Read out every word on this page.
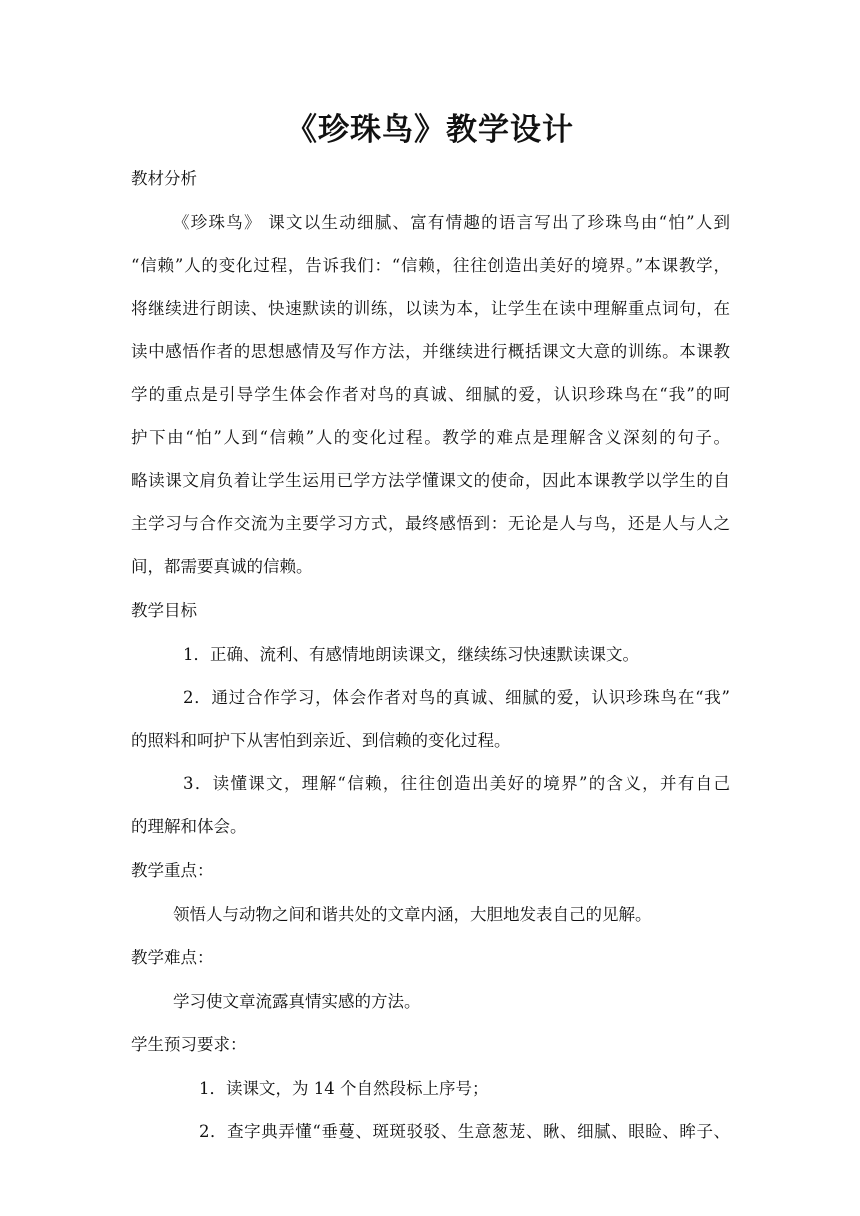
《珍珠鸟》教学设计
教材分析
《珍珠鸟》 课文以生动细腻、富有情趣的语言写出了珍珠鸟由“怕”人到
“信赖”人的变化过程，告诉我们：“信赖，往往创造出美好的境界。”本课教学，
将继续进行朗读、快速默读的训练，以读为本，让学生在读中理解重点词句，在
读中感悟作者的思想感情及写作方法，并继续进行概括课文大意的训练。本课教
学的重点是引导学生体会作者对鸟的真诚、细腻的爱，认识珍珠鸟在“我”的呵
护下由“怕”人到“信赖”人的变化过程。教学的难点是理解含义深刻的句子。
略读课文肩负着让学生运用已学方法学懂课文的使命，因此本课教学以学生的自
主学习与合作交流为主要学习方式，最终感悟到：无论是人与鸟，还是人与人之
间，都需要真诚的信赖。
教学目标
1．正确、流利、有感情地朗读课文，继续练习快速默读课文。
2．通过合作学习，体会作者对鸟的真诚、细腻的爱，认识珍珠鸟在“我”
的照料和呵护下从害怕到亲近、到信赖的变化过程。
3．读懂课文，理解“信赖，往往创造出美好的境界”的含义，并有自己
的理解和体会。
教学重点：
领悟人与动物之间和谐共处的文章内涵，大胆地发表自己的见解。
教学难点：
学习使文章流露真情实感的方法。
学生预习要求：
1．读课文，为 14 个自然段标上序号；
2．查字典弄懂“垂蔓、斑斑驳驳、生意葱茏、瞅、细腻、眼睑、眸子、
